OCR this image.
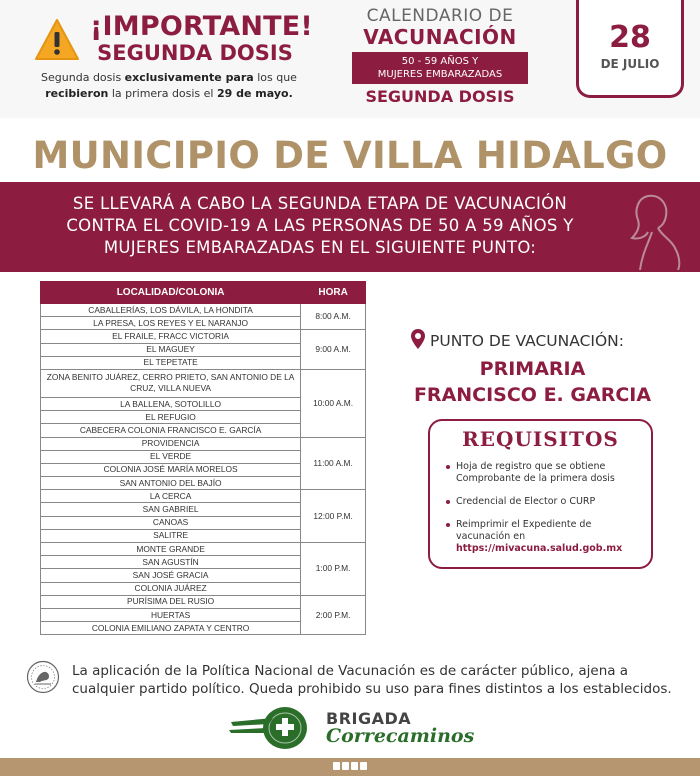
¡IMPORTANTE!
SEGUNDA DOSIS
Segunda dosis exclusivamente para los que recibieron la primera dosis el 29 de mayo.
CALENDARIO DE
VACUNACIÓN
50 - 59 AÑOS Y
MUJERES EMBARAZADAS
SEGUNDA DOSIS
28
DE JULIO
MUNICIPIO DE VILLA HIDALGO
SE LLEVARÁ A CABO LA SEGUNDA ETAPA DE VACUNACIÓN
CONTRA EL COVID-19 A LAS PERSONAS DE 50 A 59 AÑOS Y
MUJERES EMBARAZADAS EN EL SIGUIENTE PUNTO:
LOCALIDAD/COLONIA	HORA
CABALLERÍAS, LOS DÁVILA, LA HONDITA	8:00 A.M.
LA PRESA, LOS REYES Y EL NARANJO	
EL FRAILE, FRACC VICTORIA	9:00 A.M.
EL MAGUEY	
EL TEPETATE	
ZONA BENITO JUÁREZ, CERRO PRIETO, SAN ANTONIO DE LA CRUZ, VILLA NUEVA	10:00 A.M.
LA BALLENA, SOTOLILLO	
EL REFUGIO	
CABECERA COLONIA FRANCISCO E. GARCÍA	
PROVIDENCIA	11:00 A.M.
EL VERDE	
COLONIA JOSÉ MARÍA MORELOS	
SAN ANTONIO DEL BAJÍO	
LA CERCA	12:00 P.M.
SAN GABRIEL	
CANOAS	
SALITRE	
MONTE GRANDE	1:00 P.M.
SAN AGUSTÍN	
SAN JOSÉ GRACIA	
COLONIA JUÁREZ	
PURÍSIMA DEL RUSIO	2:00 P.M.
HUERTAS	
COLONIA EMILIANO ZAPATA Y CENTRO	
PUNTO DE VACUNACIÓN:
PRIMARIA
FRANCISCO E. GARCIA
REQUISITOS
Hoja de registro que se obtiene Comprobante de la primera dosis
Credencial de Elector o CURP
Reimprimir el Expediente de vacunación en
https://mivacuna.salud.gob.mx
La aplicación de la Política Nacional de Vacunación es de carácter público, ajena a cualquier partido político. Queda prohibido su uso para fines distintos a los establecidos.
BRIGADA
Correcaminos
